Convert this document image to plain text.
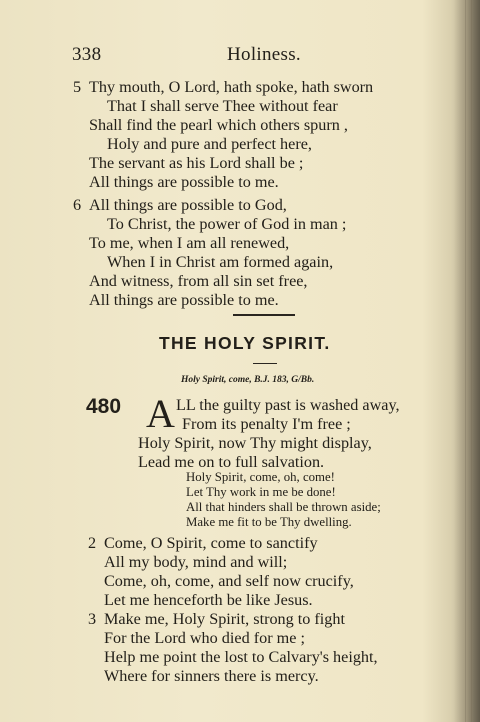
338	Holiness.
5 Thy mouth, O Lord, hath spoke, hath sworn
That I shall serve Thee without fear
Shall find the pearl which others spurn ,
Holy and pure and perfect here,
The servant as his Lord shall be ;
All things are possible to me.
6 All things are possible to God,
To Christ, the power of God in man ;
To me, when I am all renewed,
When I in Christ am formed again,
And witness, from all sin set free,
All things are possible to me.
THE HOLY SPIRIT.
Holy Spirit, come, B.J. 183, G/Bb.
480 A LL the guilty past is washed away,
From its penalty I'm free ;
Holy Spirit, now Thy might display,
Lead me on to full salvation.
Holy Spirit, come, oh, come!
Let Thy work in me be done!
All that hinders shall be thrown aside;
Make me fit to be Thy dwelling.
2 Come, O Spirit, come to sanctify
All my body, mind and will;
Come, oh, come, and self now crucify,
Let me henceforth be like Jesus.
3 Make me, Holy Spirit, strong to fight
For the Lord who died for me ;
Help me point the lost to Calvary's height,
Where for sinners there is mercy.
